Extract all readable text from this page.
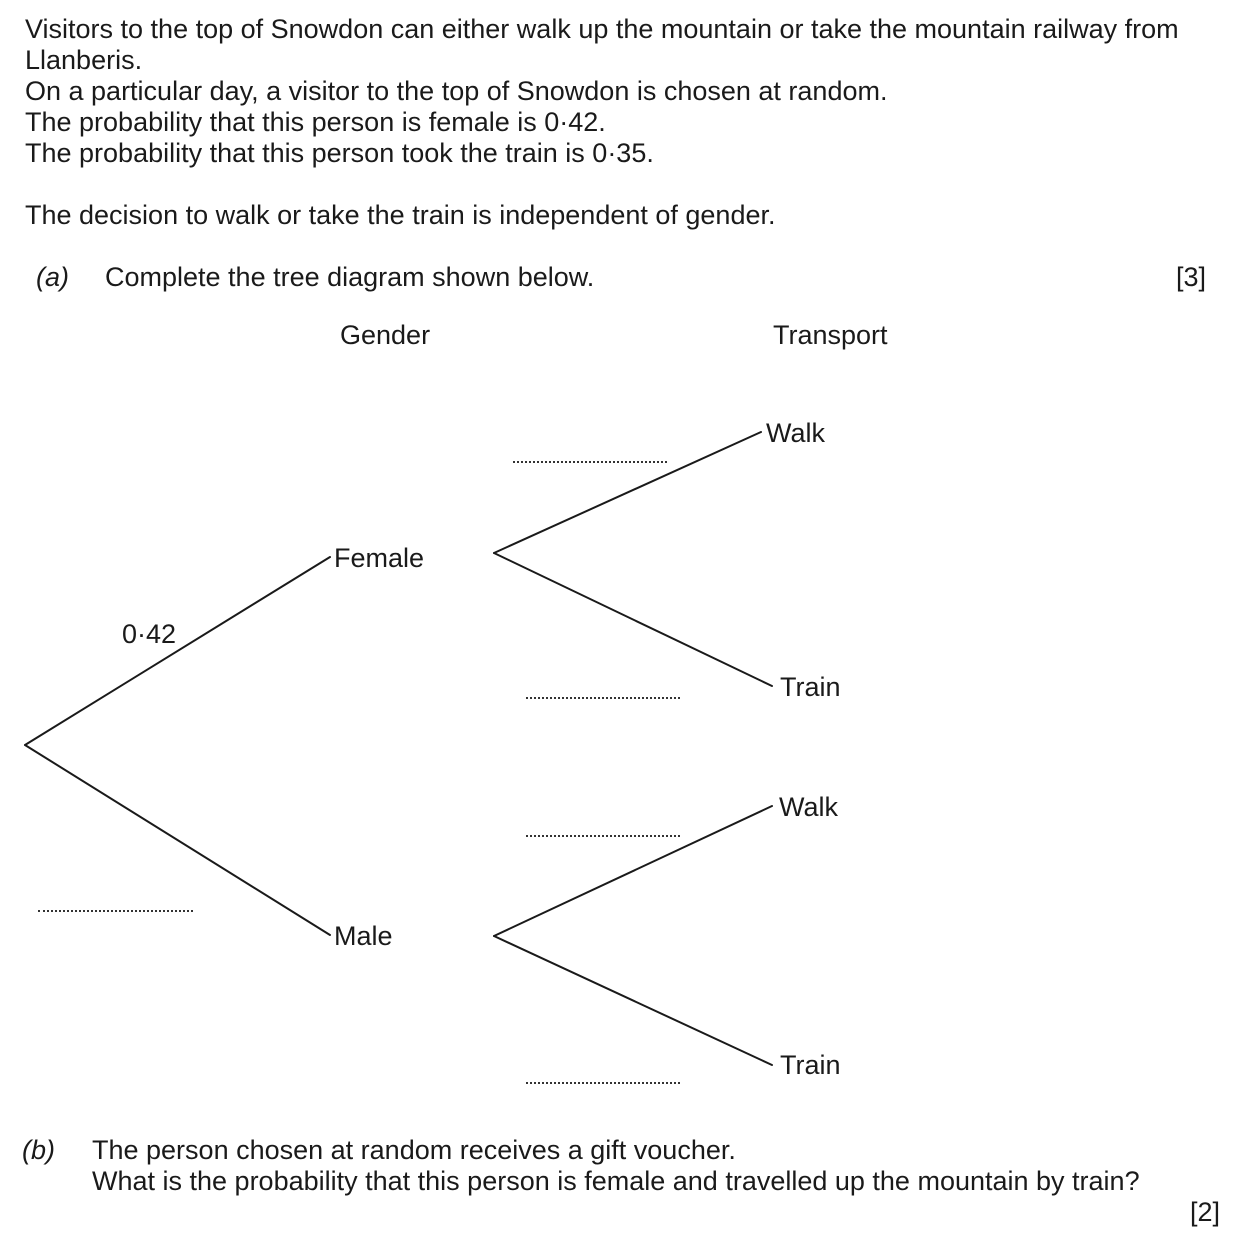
Visitors to the top of Snowdon can either walk up the mountain or take the mountain railway from
Llanberis.
On a particular day, a visitor to the top of Snowdon is chosen at random.
The probability that this person is female is 0·42.
The probability that this person took the train is 0·35.
The decision to walk or take the train is independent of gender.
(a) Complete the tree diagram shown below.	[3]
Gender	Transport
Female
Male
Walk
Train
Walk
Train
0·42
(b) The person chosen at random receives a gift voucher.
What is the probability that this person is female and travelled up the mountain by train?
[2]
